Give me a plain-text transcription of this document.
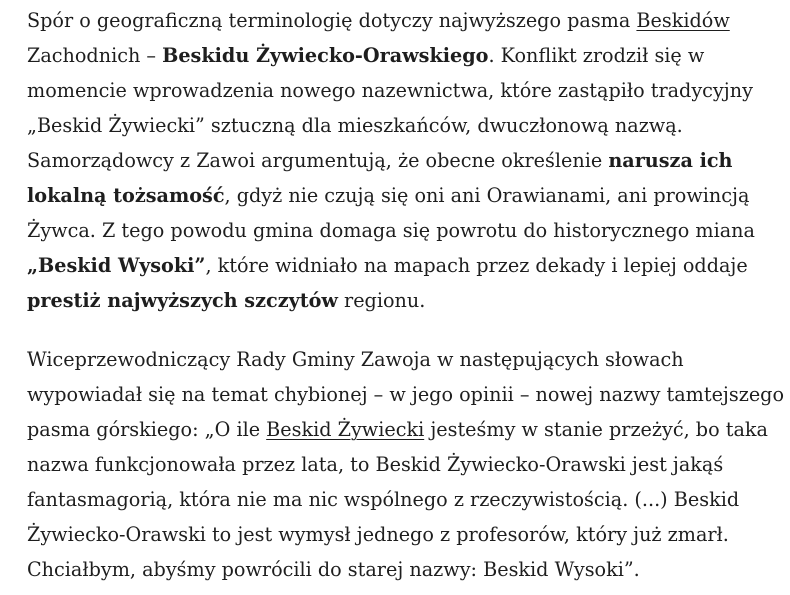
Spór o geograficzną terminologię dotyczy najwyższego pasma Beskidów
Zachodnich – Beskidu Żywiecko-Orawskiego. Konflikt zrodził się w
momencie wprowadzenia nowego nazewnictwa, które zastąpiło tradycyjny
„Beskid Żywiecki” sztuczną dla mieszkańców, dwuczłonową nazwą.
Samorządowcy z Zawoi argumentują, że obecne określenie narusza ich
lokalną tożsamość, gdyż nie czują się oni ani Orawianami, ani prowincją
Żywca. Z tego powodu gmina domaga się powrotu do historycznego miana
„Beskid Wysoki”, które widniało na mapach przez dekady i lepiej oddaje
prestiż najwyższych szczytów regionu.

Wiceprzewodniczący Rady Gminy Zawoja w następujących słowach
wypowiadał się na temat chybionej – w jego opinii – nowej nazwy tamtejszego
pasma górskiego: „O ile Beskid Żywiecki jesteśmy w stanie przeżyć, bo taka
nazwa funkcjonowała przez lata, to Beskid Żywiecko-Orawski jest jakąś
fantasmagorią, która nie ma nic wspólnego z rzeczywistością. (...) Beskid
Żywiecko-Orawski to jest wymysł jednego z profesorów, który już zmarł.
Chciałbym, abyśmy powrócili do starej nazwy: Beskid Wysoki”.
